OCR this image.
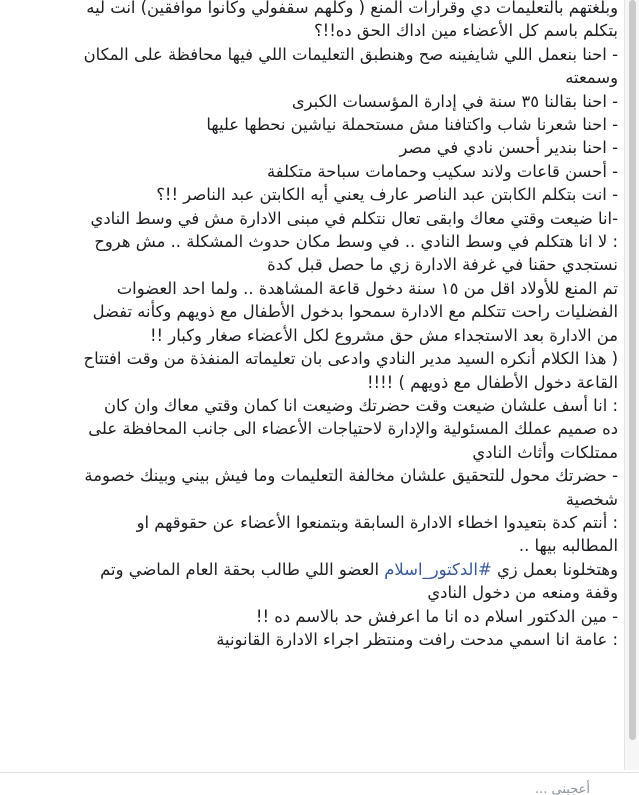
وبلغتهم بالتعليمات دي وقرارات المنع ( وكلهم سقفولي وكانوا موافقين) انت ليه

بتكلم باسم كل الأعضاء مين اداك الحق ده!!؟

- احنا بنعمل اللي شايفينه صح وهنطبق التعليمات اللي فيها محافظة على المكان

وسمعته

- احنا بقالنا ٣٥ سنة في إدارة المؤسسات الكبرى

- احنا شعرنا شاب واكتافنا مش مستحملة نياشين نحطها عليها

- احنا بندير أحسن نادي في مصر

- أحسن قاعات ولاند سكيب وحمامات سباحة متكلفة

- انت بتكلم الكابتن عبد الناصر عارف يعني أيه الكابتن عبد الناصر !!؟

-انا ضيعت وقتي معاك وابقى تعال نتكلم في مبنى الادارة مش في وسط النادي

: لا انا هتكلم في وسط النادي .. في وسط مكان حدوث المشكلة .. مش هروح

نستجدي حقنا في غرفة الادارة زي ما حصل قبل كدة

تم المنع للأولاد اقل من ١٥ سنة دخول قاعة المشاهدة .. ولما احد العضوات

الفضليات راحت تتكلم مع الادارة سمحوا بدخول الأطفال مع ذويهم وكأنه تفضل

من الادارة بعد الاستجداء مش حق مشروع لكل الأعضاء صغار وكبار !!

( هذا الكلام أنكره السيد مدير النادي وادعى بان تعليماته المنفذة من وقت افتتاح

القاعة دخول الأطفال مع ذويهم ) !!!!

: انا أسف علشان ضيعت وقت حضرتك وضيعت انا كمان وقتي معاك وان كان

ده صميم عملك المسئولية والإدارة لاحتياجات الأعضاء الى جانب المحافظة على

ممتلكات وأثاث النادي

- حضرتك محول للتحقيق علشان مخالفة التعليمات وما فيش بيني وبينك خصومة

شخصية

: أنتم كدة بتعيدوا اخطاء الادارة السابقة وبتمنعوا الأعضاء عن حقوقهم او

المطالبه بيها ..

وهتخلونا بعمل زي #الدكتور_اسلام العضو اللي طالب بحقة العام الماضي وتم

وقفة ومنعه من دخول النادي

- مين الدكتور اسلام ده انا ما اعرفش حد بالاسم ده !!

: عامة انا اسمي مدحت رافت ومنتظر اجراء الادارة القانونية

أعجبني ...
